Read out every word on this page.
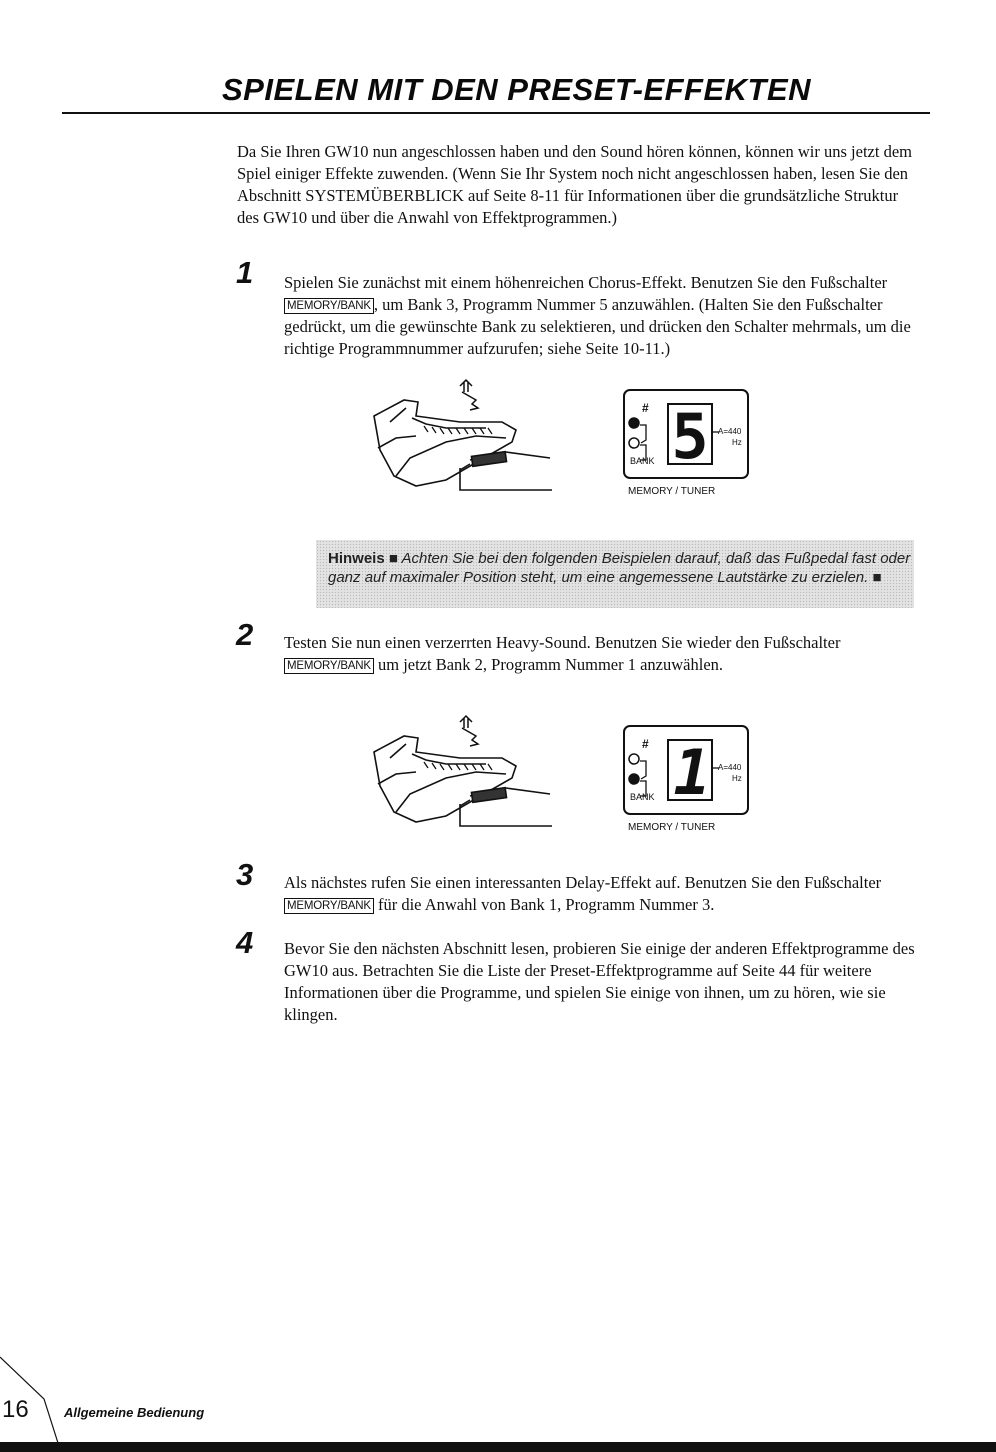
SPIELEN MIT DEN PRESET-EFFEKTEN

Da Sie Ihren GW10 nun angeschlossen haben und den Sound hören können, können wir uns jetzt dem Spiel einiger Effekte zuwenden. (Wenn Sie Ihr System noch nicht angeschlossen haben, lesen Sie den Abschnitt SYSTEMÜBERBLICK auf Seite 8-11 für Informationen über die grundsätzliche Struktur des GW10 und über die Anwahl von Effektprogrammen.)

1	Spielen Sie zunächst mit einem höhenreichen Chorus-Effekt. Benutzen Sie den Fußschalter MEMORY/BANK , um Bank 3, Programm Nummer 5 anzuwählen. (Halten Sie den Fußschalter gedrückt, um die gewünschte Bank zu selektieren, und drücken den Schalter mehrmals, um die richtige Programmnummer aufzurufen; siehe Seite 10-11.)

#
BANK 5 A=440
Hz
MEMORY / TUNER
Hinweis ■ Achten Sie bei den folgenden Beispielen darauf, daß das Fußpedal fast oder ganz auf maximaler Position steht, um eine angemessene Lautstärke zu erzielen. ■
2	Testen Sie nun einen verzerrten Heavy-Sound. Benutzen Sie wieder den Fußschalter MEMORY/BANK um jetzt Bank 2, Programm Nummer 1 anzuwählen.

#
BANK 1 A=440
Hz
MEMORY / TUNER
3	Als nächstes rufen Sie einen interessanten Delay-Effekt auf. Benutzen Sie den Fußschalter MEMORY/BANK für die Anwahl von Bank 1, Programm Nummer 3.

4	Bevor Sie den nächsten Abschnitt lesen, probieren Sie einige der anderen Effektprogramme des GW10 aus. Betrachten Sie die Liste der Preset-Effektprogramme auf Seite 44 für weitere Informationen über die Programme, und spielen Sie einige von ihnen, um zu hören, wie sie klingen.

16	Allgemeine Bedienung
